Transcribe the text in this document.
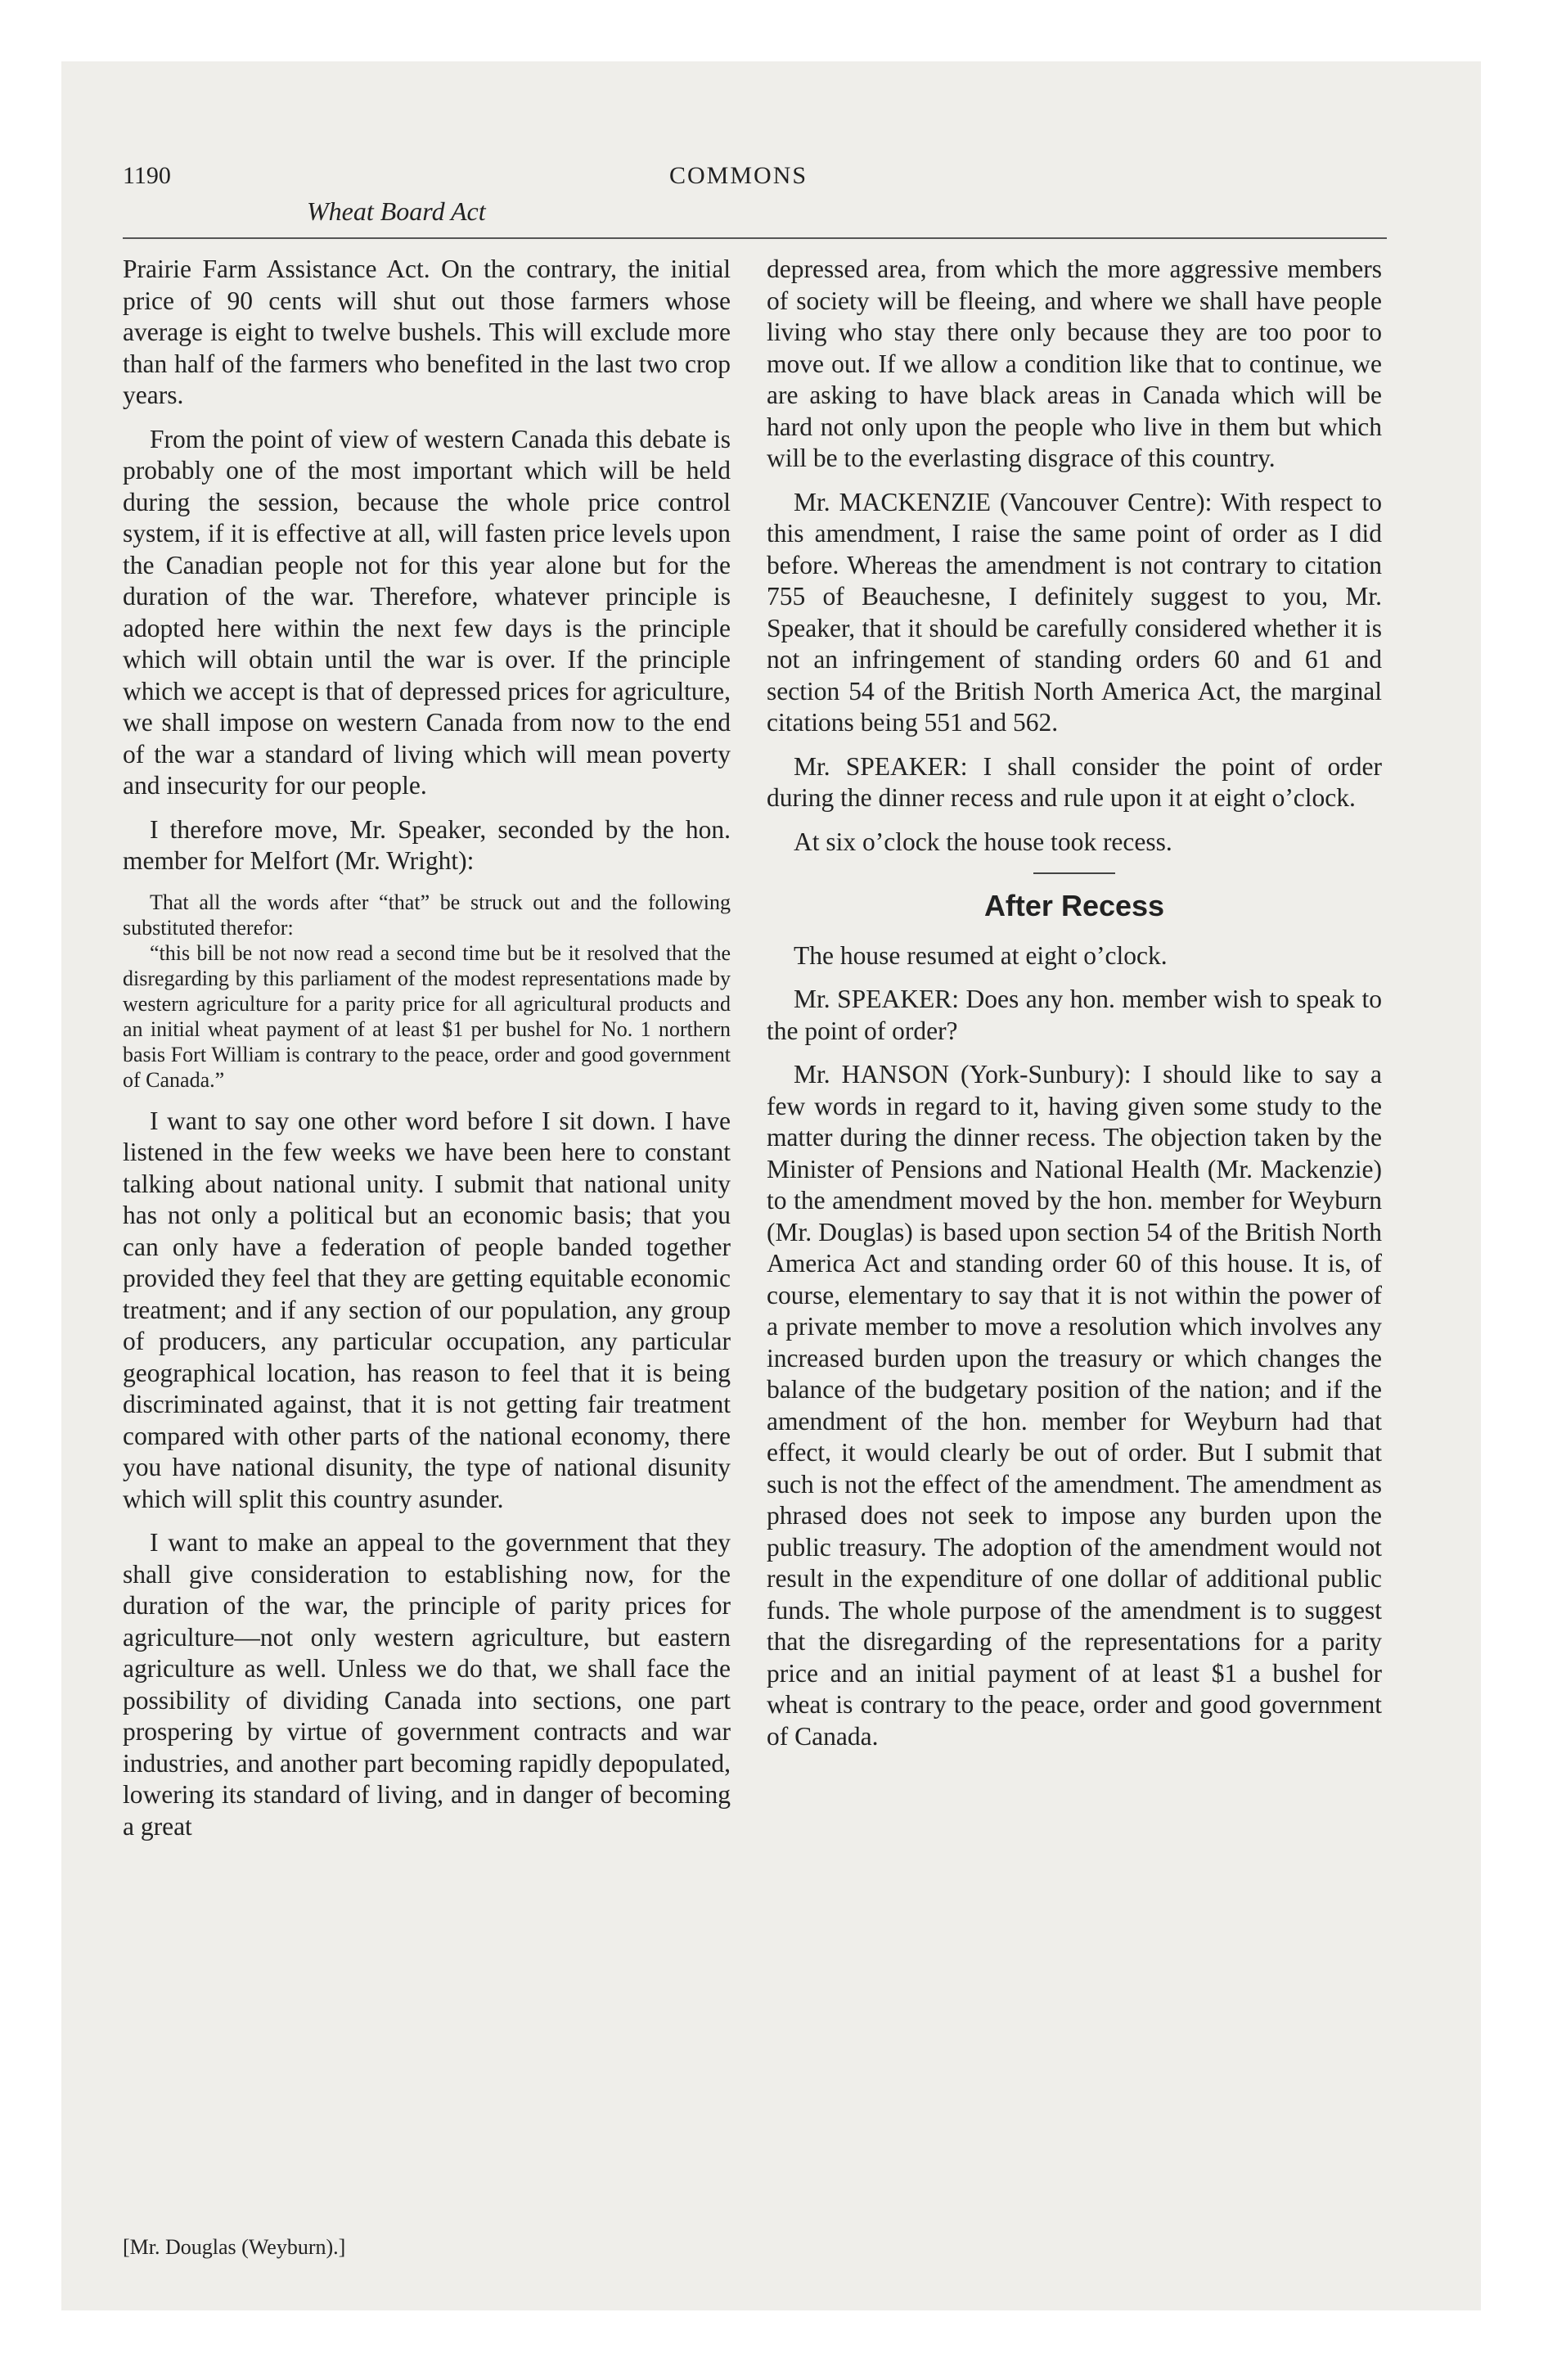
1190
Wheat Board Act
COMMONS

Prairie Farm Assistance Act. On the contrary, the initial price of 90 cents will shut out those farmers whose average is eight to twelve bushels. This will exclude more than half of the farmers who benefited in the last two crop years.

From the point of view of western Canada this debate is probably one of the most important which will be held during the session, because the whole price control system, if it is effective at all, will fasten price levels upon the Canadian people not for this year alone but for the duration of the war. Therefore, whatever principle is adopted here within the next few days is the principle which will obtain until the war is over. If the principle which we accept is that of depressed prices for agriculture, we shall impose on western Canada from now to the end of the war a standard of living which will mean poverty and insecurity for our people.

I therefore move, Mr. Speaker, seconded by the hon. member for Melfort (Mr. Wright):

That all the words after “that” be struck out and the following substituted therefor:

“this bill be not now read a second time but be it resolved that the disregarding by this parliament of the modest representations made by western agriculture for a parity price for all agricultural products and an initial wheat payment of at least $1 per bushel for No. 1 northern basis Fort William is contrary to the peace, order and good government of Canada.”

I want to say one other word before I sit down. I have listened in the few weeks we have been here to constant talking about national unity. I submit that national unity has not only a political but an economic basis; that you can only have a federation of people banded together provided they feel that they are getting equitable economic treatment; and if any section of our population, any group of producers, any particular occupation, any particular geographical location, has reason to feel that it is being discriminated against, that it is not getting fair treatment compared with other parts of the national economy, there you have national disunity, the type of national disunity which will split this country asunder.

I want to make an appeal to the government that they shall give consideration to establishing now, for the duration of the war, the principle of parity prices for agriculture—not only western agriculture, but eastern agriculture as well. Unless we do that, we shall face the possibility of dividing Canada into sections, one part prospering by virtue of government contracts and war industries, and another part becoming rapidly depopulated, lowering its standard of living, and in danger of becoming a great

depressed area, from which the more aggressive members of society will be fleeing, and where we shall have people living who stay there only because they are too poor to move out. If we allow a condition like that to continue, we are asking to have black areas in Canada which will be hard not only upon the people who live in them but which will be to the everlasting disgrace of this country.

Mr. MACKENZIE (Vancouver Centre): With respect to this amendment, I raise the same point of order as I did before. Whereas the amendment is not contrary to citation 755 of Beauchesne, I definitely suggest to you, Mr. Speaker, that it should be carefully considered whether it is not an infringement of standing orders 60 and 61 and section 54 of the British North America Act, the marginal citations being 551 and 562.

Mr. SPEAKER: I shall consider the point of order during the dinner recess and rule upon it at eight o’clock.

At six o’clock the house took recess.

After Recess

The house resumed at eight o’clock.

Mr. SPEAKER: Does any hon. member wish to speak to the point of order?

Mr. HANSON (York-Sunbury): I should like to say a few words in regard to it, having given some study to the matter during the dinner recess. The objection taken by the Minister of Pensions and National Health (Mr. Mackenzie) to the amendment moved by the hon. member for Weyburn (Mr. Douglas) is based upon section 54 of the British North America Act and standing order 60 of this house. It is, of course, elementary to say that it is not within the power of a private member to move a resolution which involves any increased burden upon the treasury or which changes the balance of the budgetary position of the nation; and if the amendment of the hon. member for Weyburn had that effect, it would clearly be out of order. But I submit that such is not the effect of the amendment. The amendment as phrased does not seek to impose any burden upon the public treasury. The adoption of the amendment would not result in the expenditure of one dollar of additional public funds. The whole purpose of the amendment is to suggest that the disregarding of the representations for a parity price and an initial payment of at least $1 a bushel for wheat is contrary to the peace, order and good government of Canada.

[Mr. Douglas (Weyburn).]
